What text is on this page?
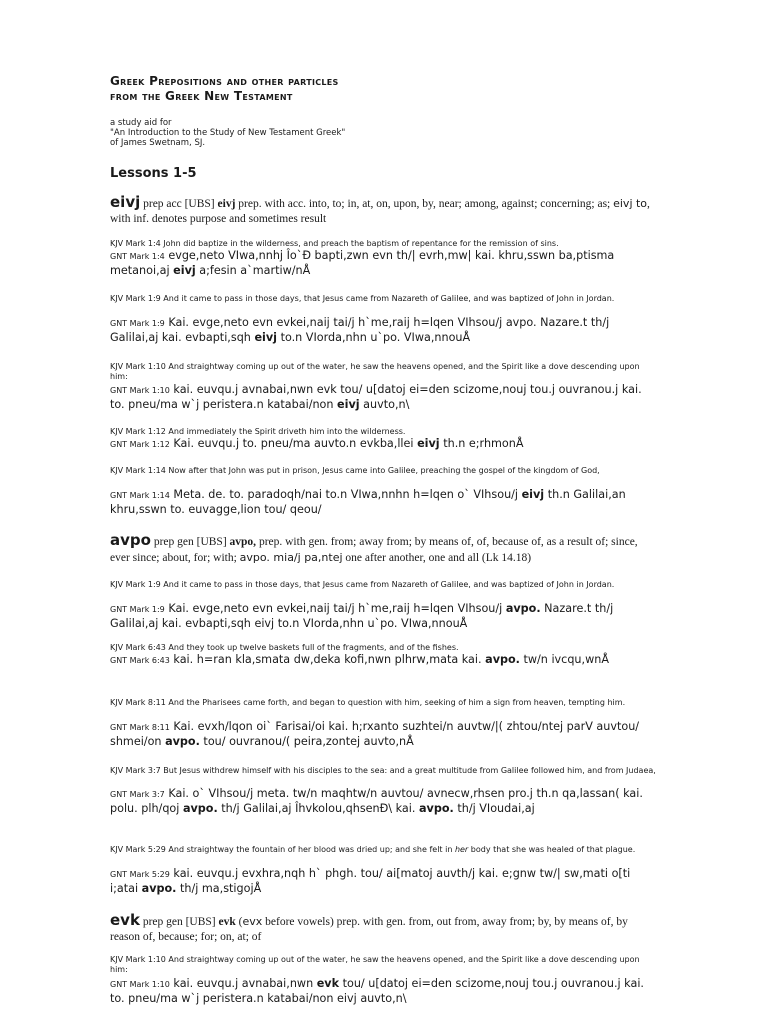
Greek Prepositions and other particles
from the Greek New Testament
a study aid for
"An Introduction to the Study of New Testament Greek"
of James Swetnam, SJ.
Lessons 1-5
eivj prep acc [UBS] eivj prep. with acc. into, to; in, at, on, upon, by, near; among, against; concerning; as; eivj to, with inf. denotes purpose and sometimes result
KJV Mark 1:4 John did baptize in the wilderness, and preach the baptism of repentance for the remission of sins.
GNT Mark 1:4 evge,neto VIwa,nnhj Îo`Ð bapti,zwn evn th/| evrh,mw| kai. khru,sswn ba,ptisma metanoi,aj eivj a;fesin a`martiw/nÅ
KJV Mark 1:9 And it came to pass in those days, that Jesus came from Nazareth of Galilee, and was baptized of John in Jordan.
GNT Mark 1:9 Kai. evge,neto evn evkei,naij tai/j h`me,raij h=lqen VIhsou/j avpo. Nazare.t th/j Galilai,aj kai. evbapti,sqh eivj to.n VIorda,nhn u`po. VIwa,nnouÅ
KJV Mark 1:10 And straightway coming up out of the water, he saw the heavens opened, and the Spirit like a dove descending upon him:
GNT Mark 1:10 kai. euvqu.j avnabai,nwn evk tou/ u[datoj ei=den scizome,nouj tou.j ouvranou.j kai. to. pneu/ma w`j peristera.n katabai/non eivj auvto,n\
KJV Mark 1:12 And immediately the Spirit driveth him into the wilderness.
GNT Mark 1:12 Kai. euvqu.j to. pneu/ma auvto.n evkba,llei eivj th.n e;rhmonÅ
KJV Mark 1:14 Now after that John was put in prison, Jesus came into Galilee, preaching the gospel of the kingdom of God,
GNT Mark 1:14 Meta. de. to. paradoqh/nai to.n VIwa,nnhn h=lqen o` VIhsou/j eivj th.n Galilai,an khru,sswn to. euvagge,lion tou/ qeou/
avpo prep gen [UBS] avpo, prep. with gen. from; away from; by means of, of, because of, as a result of; since, ever since; about, for; with; avpo. mia/j pa,ntej one after another, one and all (Lk 14.18)
KJV Mark 1:9 And it came to pass in those days, that Jesus came from Nazareth of Galilee, and was baptized of John in Jordan.
GNT Mark 1:9 Kai. evge,neto evn evkei,naij tai/j h`me,raij h=lqen VIhsou/j avpo. Nazare.t th/j Galilai,aj kai. evbapti,sqh eivj to.n VIorda,nhn u`po. VIwa,nnouÅ
KJV Mark 6:43 And they took up twelve baskets full of the fragments, and of the fishes.
GNT Mark 6:43 kai. h=ran kla,smata dw,deka kofi,nwn plhrw,mata kai. avpo. tw/n ivcqu,wnÅ
KJV Mark 8:11 And the Pharisees came forth, and began to question with him, seeking of him a sign from heaven, tempting him.
GNT Mark 8:11 Kai. evxh/lqon oi` Farisai/oi kai. h;rxanto suzhtei/n auvtw/|( zhtou/ntej parV auvtou/ shmei/on avpo. tou/ ouvranou/( peira,zontej auvto,nÅ
KJV Mark 3:7 But Jesus withdrew himself with his disciples to the sea: and a great multitude from Galilee followed him, and from Judaea,
GNT Mark 3:7 Kai. o` VIhsou/j meta. tw/n maqhtw/n auvtou/ avnecw,rhsen pro.j th.n qa,lassan( kai. polu. plh/qoj avpo. th/j Galilai,aj Îhvkolou,qhsenÐ\ kai. avpo. th/j VIoudai,aj
KJV Mark 5:29 And straightway the fountain of her blood was dried up; and she felt in her body that she was healed of that plague.
GNT Mark 5:29 kai. euvqu.j evxhra,nqh h` phgh. tou/ ai[matoj auvth/j kai. e;gnw tw/| sw,mati o[ti i;atai avpo. th/j ma,stigojÅ
evk prep gen [UBS] evk (evx before vowels) prep. with gen. from, out from, away from; by, by means of, by reason of, because; for; on, at; of
KJV Mark 1:10 And straightway coming up out of the water, he saw the heavens opened, and the Spirit like a dove descending upon him:
GNT Mark 1:10 kai. euvqu.j avnabai,nwn evk tou/ u[datoj ei=den scizome,nouj tou.j ouvranou.j kai. to. pneu/ma w`j peristera.n katabai/non eivj auvto,n\
